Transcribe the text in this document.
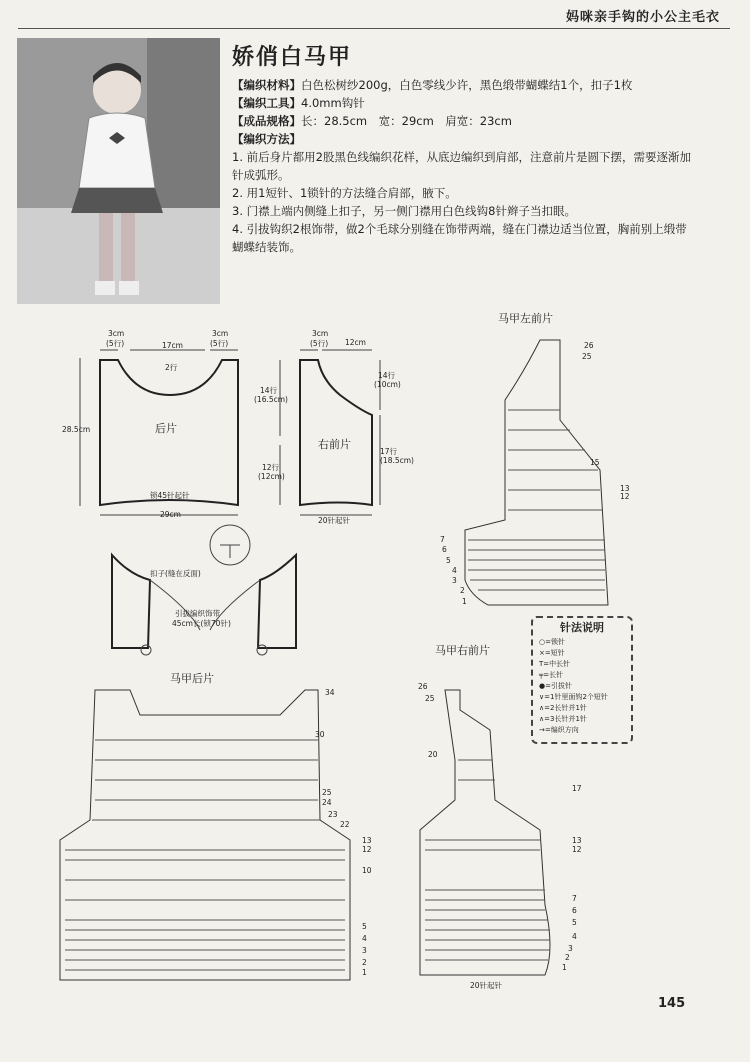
妈咪亲手钩的小公主毛衣
娇俏白马甲
【编织材料】白色松树纱200g，白色零线少许，黑色缎带蝴蝶结1个，扣子1枚
【编织工具】4.0mm钩针
【成品规格】长：28.5cm　宽：29cm　肩宽：23cm
【编织方法】
1. 前后身片都用2股黑色线编织花样，从底边编织到肩部，注意前片是圆下摆，需要逐渐加针成弧形。
2. 用1短针、1锁针的方法缝合肩部，腋下。
3. 门襟上端内侧缝上扣子，另一侧门襟用白色线钩8针辫子当扣眼。
4. 引拔钩织2根饰带，做2个毛球分别缝在饰带两端，缝在门襟边适当位置，胸前别上缎带蝴蝶结装饰。
后片
右前片
3cm
(5行)	17cm
3cm
(5行)
2行
14行
(16.5cm)
28.5cm
12行
(12cm)
锁45针起针
29cm
3cm
(5行) 12cm
14行
(10cm)
17行
(18.5cm)
20针起针
扣子(缝在反面)
引拔编织饰带
45cm长(锁70针)
马甲左前片
马甲右前片
马甲后片
26
25
15
13
12
7
6
5
4
3
2
1
26
25
20
17
13
12
7
6
5
4
3
2
1
20针起针
34
30
25
24
23
22
13
12
10
5
4
3
2
1
针法说明
○=锁针
×=短针
T=中长针
╤=长针
●=引拔针
∨=1针里面钩2个短针
∧=2长针并1针
∧=3长针并1针
→=编织方向
145
